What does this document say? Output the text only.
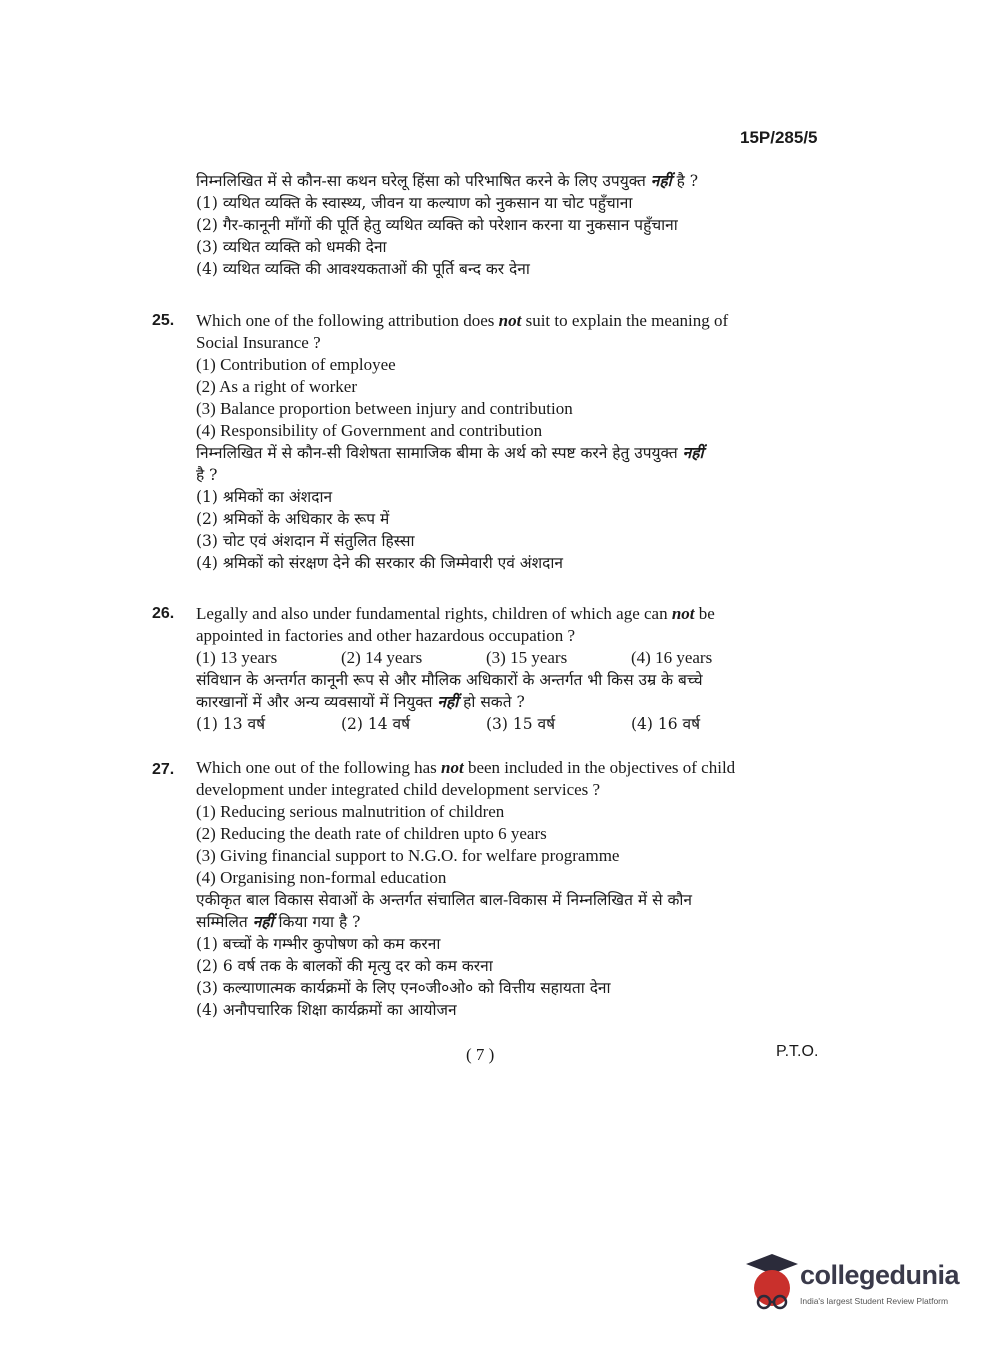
15P/285/5
निम्नलिखित में से कौन-सा कथन घरेलू हिंसा को परिभाषित करने के लिए उपयुक्त नहीं है ?
(1) व्यथित व्यक्ति के स्वास्थ्य, जीवन या कल्याण को नुकसान या चोट पहुँचाना
(2) गैर-कानूनी माँगों की पूर्ति हेतु व्यथित व्यक्ति को परेशान करना या नुकसान पहुँचाना
(3) व्यथित व्यक्ति को धमकी देना
(4) व्यथित व्यक्ति की आवश्यकताओं की पूर्ति बन्द कर देना
25. Which one of the following attribution does not suit to explain the meaning of
Social Insurance ?
(1) Contribution of employee
(2) As a right of worker
(3) Balance proportion between injury and contribution
(4) Responsibility of Government and contribution
निम्नलिखित में से कौन-सी विशेषता सामाजिक बीमा के अर्थ को स्पष्ट करने हेतु उपयुक्त नहीं
है ?
(1) श्रमिकों का अंशदान
(2) श्रमिकों के अधिकार के रूप में
(3) चोट एवं अंशदान में संतुलित हिस्सा
(4) श्रमिकों को संरक्षण देने की सरकार की जिम्मेवारी एवं अंशदान
26. Legally and also under fundamental rights, children of which age can not be
appointed in factories and other hazardous occupation ?
(1) 13 years	(2) 14 years	(3) 15 years	(4) 16 years
संविधान के अन्तर्गत कानूनी रूप से और मौलिक अधिकारों के अन्तर्गत भी किस उम्र के बच्चे
कारखानों में और अन्य व्यवसायों में नियुक्त नहीं हो सकते ?
(1) 13 वर्ष	(2) 14 वर्ष	(3) 15 वर्ष	(4) 16 वर्ष
27. Which one out of the following has not been included in the objectives of child
development under integrated child development services ?
(1) Reducing serious malnutrition of children
(2) Reducing the death rate of children upto 6 years
(3) Giving financial support to N.G.O. for welfare programme
(4) Organising non-formal education
एकीकृत बाल विकास सेवाओं के अन्तर्गत संचालित बाल-विकास में निम्नलिखित में से कौन
सम्मिलित नहीं किया गया है ?
(1) बच्चों के गम्भीर कुपोषण को कम करना
(2) 6 वर्ष तक के बालकों की मृत्यु दर को कम करना
(3) कल्याणात्मक कार्यक्रमों के लिए एन०जी०ओ० को वित्तीय सहायता देना
(4) अनौपचारिक शिक्षा कार्यक्रमों का आयोजन
( 7 )	P.T.O.
collegedunia
India's largest Student Review Platform
